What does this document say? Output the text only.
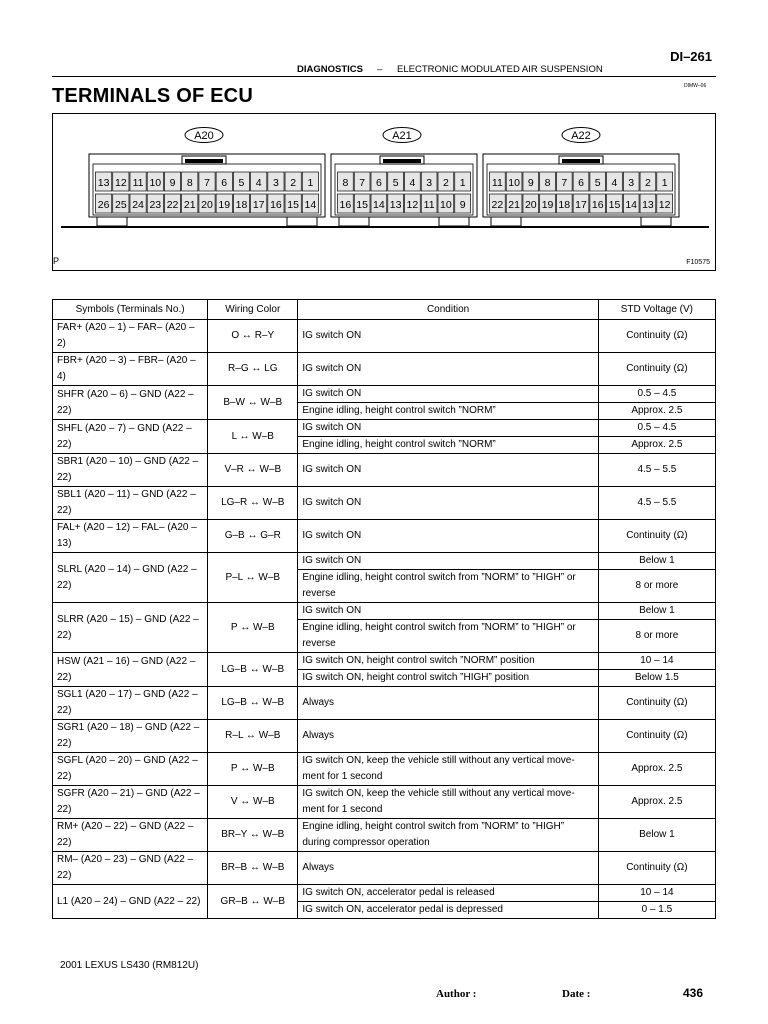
DI–261
DIAGNOSTICS – ELECTRONIC MODULATED AIR SUSPENSION
DIMW–06
TERMINALS OF ECU
A20
13 12 11 10 9 8 7 6 5 4 3 2 1
26 25 24 23 22 21 20 19 18 17 16 15 14
A21
8 7 6 5 4 3 2 1
16 15 14 13 12 11 10 9
A22
11 10 9 8 7 6 5 4 3 2 1
22 21 20 19 18 17 16 15 14 13 12
P	F10575
Symbols (Terminals No.)	Wiring Color	Condition	STD Voltage (V)
FAR+ (A20 – 1) – FAR– (A20 – 2)	O ↔ R–Y	IG switch ON	Continuity (Ω)
FBR+ (A20 – 3) – FBR– (A20 – 4)	R–G ↔ LG	IG switch ON	Continuity (Ω)
SHFR (A20 – 6) – GND (A22 – 22)	B–W ↔ W–B	IG switch ON	0.5 – 4.5
		Engine idling, height control switch ”NORM”	Approx. 2.5
SHFL (A20 – 7) – GND (A22 – 22)	L ↔ W–B	IG switch ON	0.5 – 4.5
		Engine idling, height control switch ”NORM”	Approx. 2.5
SBR1 (A20 – 10) – GND (A22 – 22)	V–R ↔ W–B	IG switch ON	4.5 – 5.5
SBL1 (A20 – 11) – GND (A22 – 22)	LG–R ↔ W–B	IG switch ON	4.5 – 5.5
FAL+ (A20 – 12) – FAL– (A20 – 13)	G–B ↔ G–R	IG switch ON	Continuity (Ω)
SLRL (A20 – 14) – GND (A22 – 22)	P–L ↔ W–B	IG switch ON	Below 1
		Engine idling, height control switch from ”NORM” to ”HIGH” or reverse	8 or more
SLRR (A20 – 15) – GND (A22 – 22)	P ↔ W–B	IG switch ON	Below 1
		Engine idling, height control switch from ”NORM” to ”HIGH” or reverse	8 or more
HSW (A21 – 16) – GND (A22 – 22)	LG–B ↔ W–B	IG switch ON, height control switch ”NORM” position	10 – 14
		IG switch ON, height control switch ”HIGH” position	Below 1.5
SGL1 (A20 – 17) – GND (A22 – 22)	LG–B ↔ W–B	Always	Continuity (Ω)
SGR1 (A20 – 18) – GND (A22 – 22)	R–L ↔ W–B	Always	Continuity (Ω)
SGFL (A20 – 20) – GND (A22 – 22)	P ↔ W–B	IG switch ON, keep the vehicle still without any vertical move-ment for 1 second	Approx. 2.5
SGFR (A20 – 21) – GND (A22 – 22)	V ↔ W–B	IG switch ON, keep the vehicle still without any vertical move-ment for 1 second	Approx. 2.5
RM+ (A20 – 22) – GND (A22 – 22)	BR–Y ↔ W–B	Engine idling, height control switch from ”NORM” to ”HIGH” during compressor operation	Below 1
RM– (A20 – 23) – GND (A22 – 22)	BR–B ↔ W–B	Always	Continuity (Ω)
L1 (A20 – 24) – GND (A22 – 22)	GR–B ↔ W–B	IG switch ON, accelerator pedal is released	10 – 14
		IG switch ON, accelerator pedal is depressed	0 – 1.5
2001 LEXUS LS430 (RM812U)
Author :	Date :	436
